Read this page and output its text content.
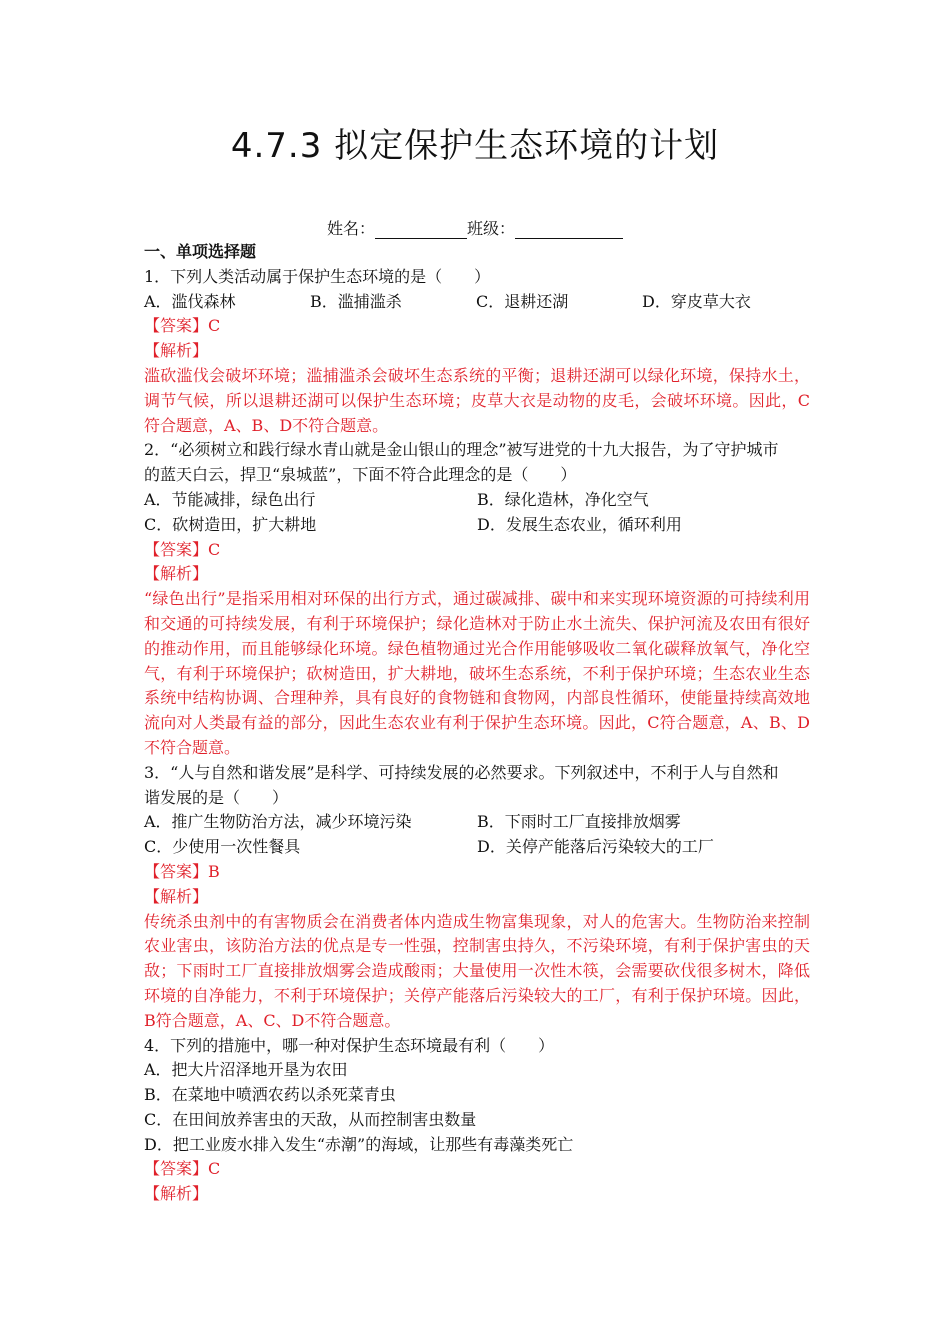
4.7.3 拟定保护生态环境的计划
姓名：	班级：
一、单项选择题
1．下列人类活动属于保护生态环境的是（　　）
A．滥伐森林	B．滥捕滥杀	C．退耕还湖	D．穿皮草大衣
【答案】C
【解析】
滥砍滥伐会破坏环境；滥捕滥杀会破坏生态系统的平衡；退耕还湖可以绿化环境，保持水土，调节气候，所以退耕还湖可以保护生态环境；皮草大衣是动物的皮毛，会破坏环境。因此，C符合题意，A、B、D不符合题意。
2．“必须树立和践行绿水青山就是金山银山的理念”被写进党的十九大报告，为了守护城市
的蓝天白云，捍卫“泉城蓝”，下面不符合此理念的是（　　）
A．节能减排，绿色出行	B．绿化造林，净化空气
C．砍树造田，扩大耕地	D．发展生态农业，循环利用
【答案】C
【解析】
“绿色出行”是指采用相对环保的出行方式，通过碳减排、碳中和来实现环境资源的可持续利用和交通的可持续发展，有利于环境保护；绿化造林对于防止水土流失、保护河流及农田有很好的推动作用，而且能够绿化环境。绿色植物通过光合作用能够吸收二氧化碳释放氧气，净化空气，有利于环境保护；砍树造田，扩大耕地，破坏生态系统，不利于保护环境；生态农业生态系统中结构协调、合理种养，具有良好的食物链和食物网，内部良性循环，使能量持续高效地流向对人类最有益的部分，因此生态农业有利于保护生态环境。因此，C符合题意，A、B、D不符合题意。
3．“人与自然和谐发展”是科学、可持续发展的必然要求。下列叙述中，不利于人与自然和
谐发展的是（　　）
A．推广生物防治方法，减少环境污染	B．下雨时工厂直接排放烟雾
C．少使用一次性餐具	D．关停产能落后污染较大的工厂
【答案】B
【解析】
传统杀虫剂中的有害物质会在消费者体内造成生物富集现象，对人的危害大。生物防治来控制农业害虫，该防治方法的优点是专一性强，控制害虫持久，不污染环境，有利于保护害虫的天敌；下雨时工厂直接排放烟雾会造成酸雨；大量使用一次性木筷，会需要砍伐很多树木，降低环境的自净能力，不利于环境保护；关停产能落后污染较大的工厂，有利于保护环境。因此，B符合题意，A、C、D不符合题意。
4．下列的措施中，哪一种对保护生态环境最有利（　　）
A．把大片沼泽地开垦为农田
B．在菜地中喷洒农药以杀死菜青虫
C．在田间放养害虫的天敌，从而控制害虫数量
D．把工业废水排入发生“赤潮”的海域，让那些有毒藻类死亡
【答案】C
【解析】
